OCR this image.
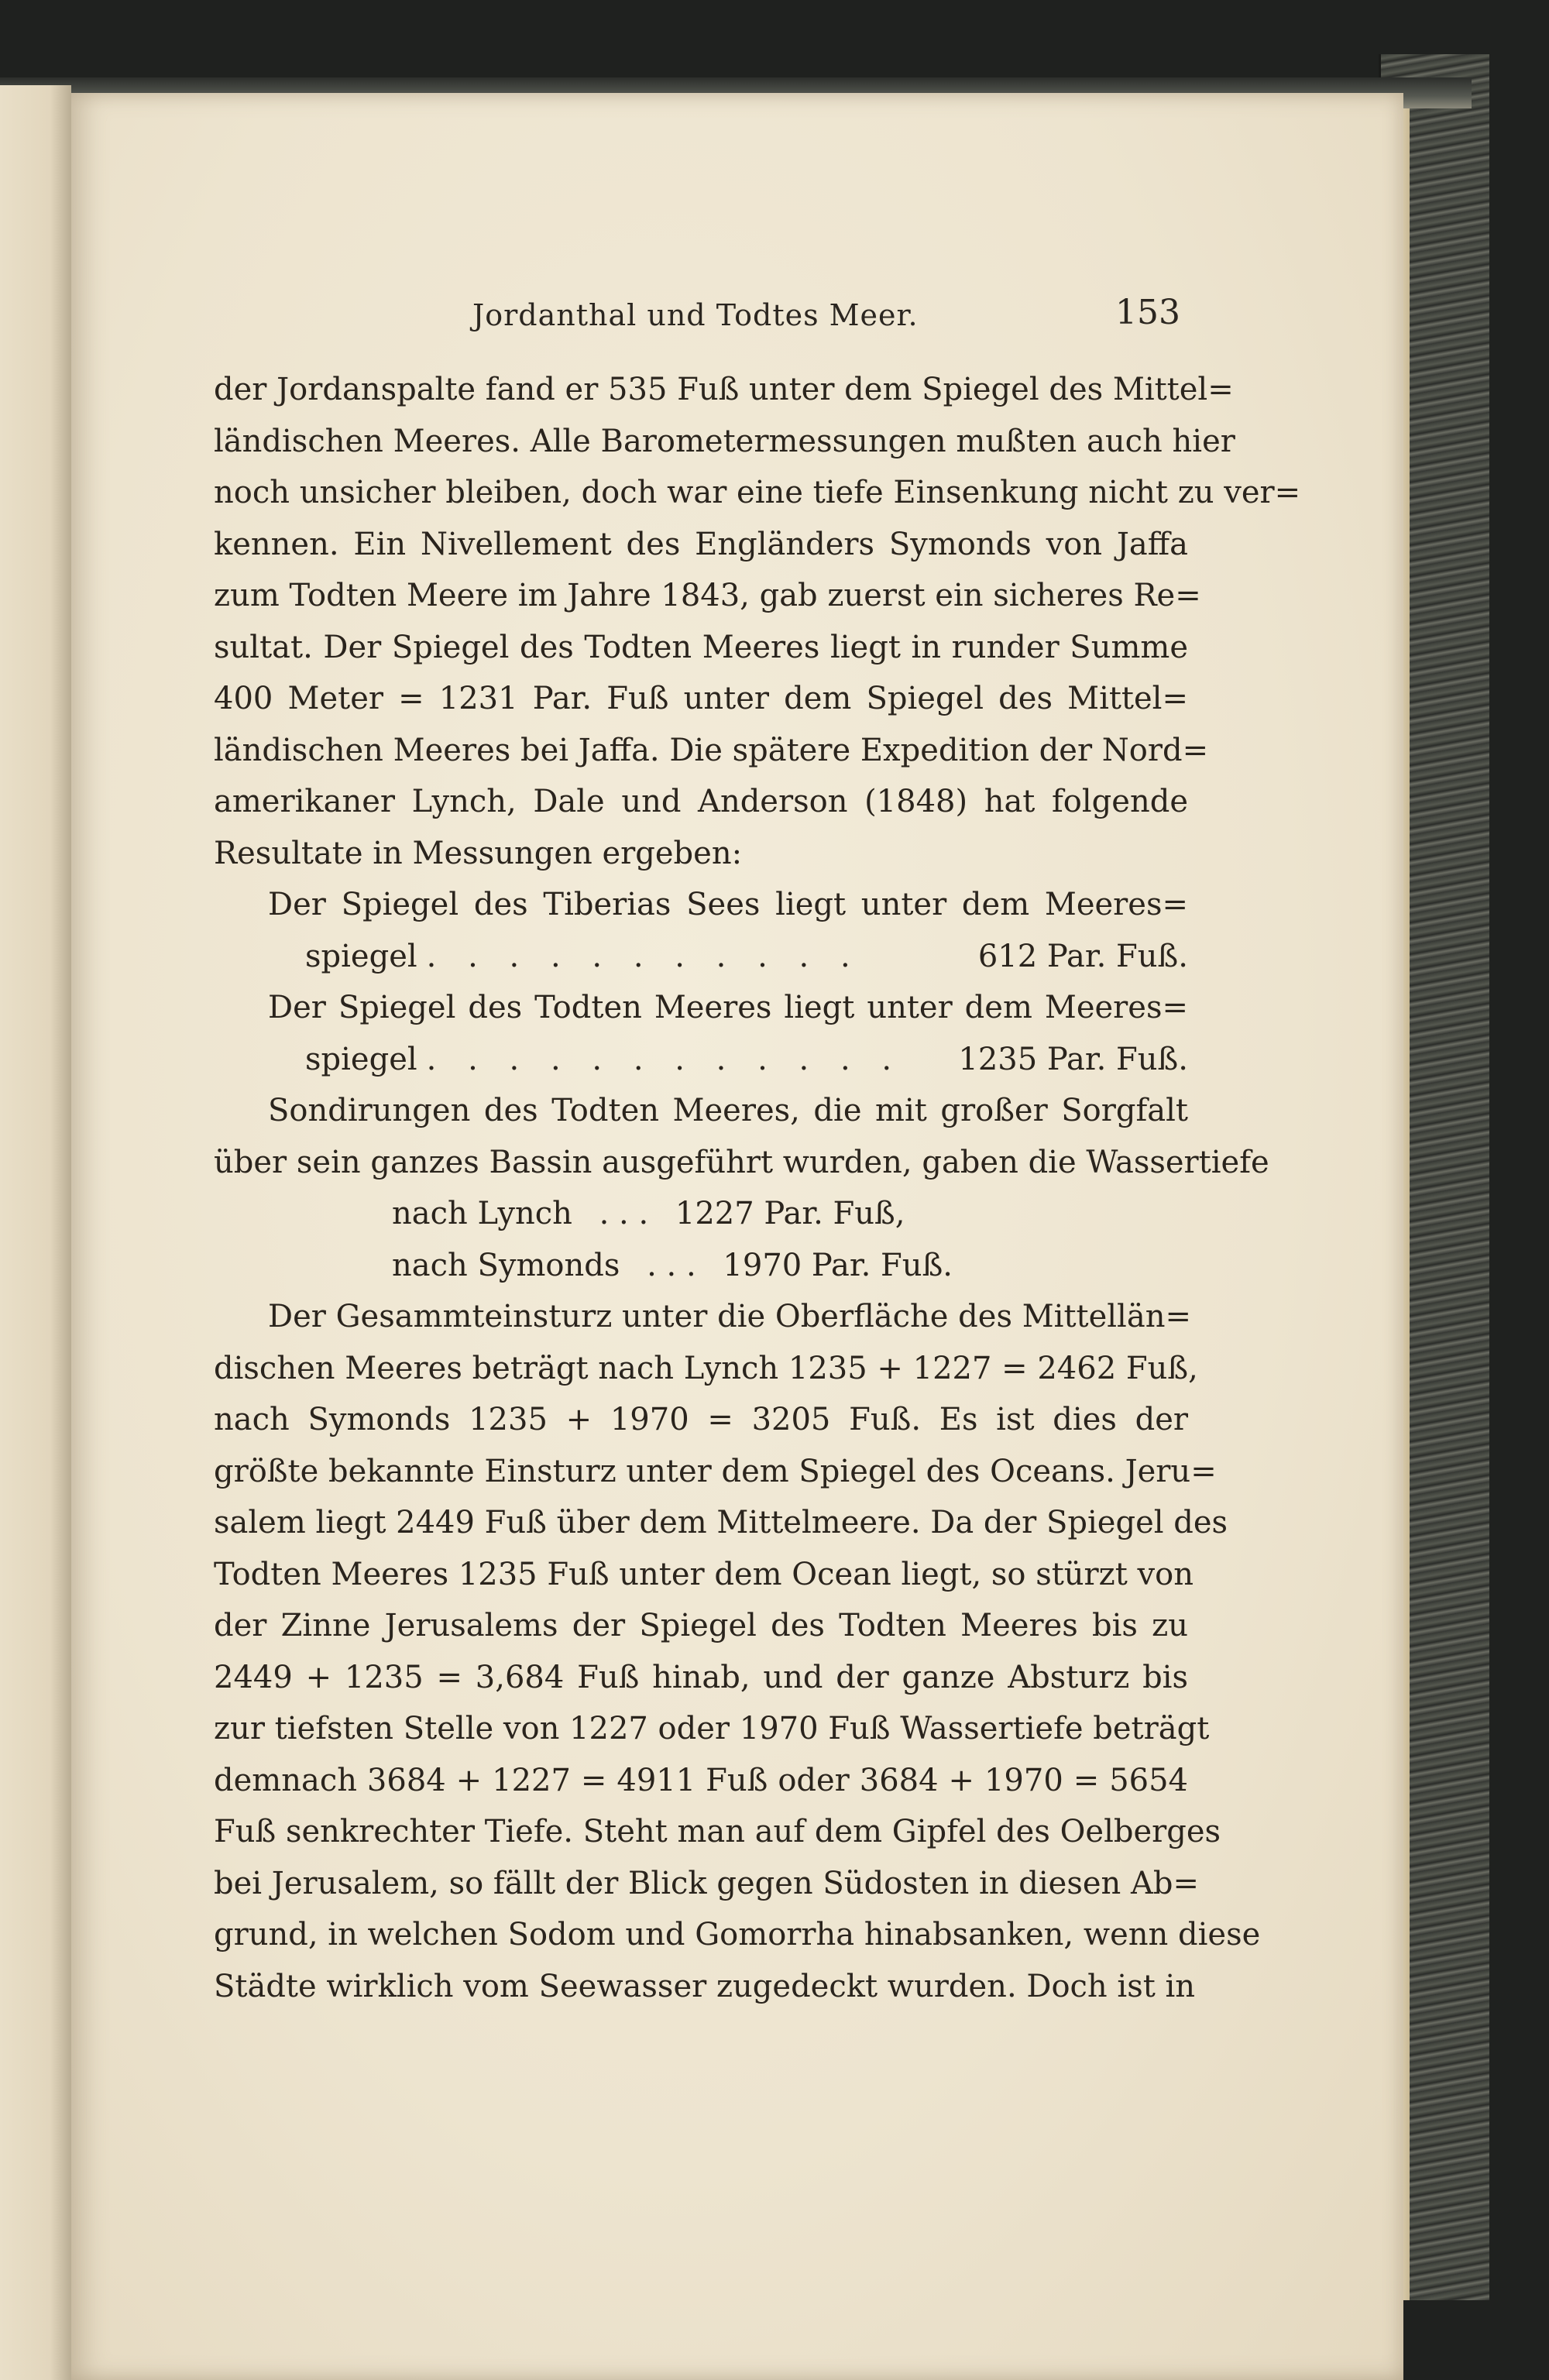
Jordanthal und Todtes Meer.	153
der Jordanspalte fand er 535 Fuß unter dem Spiegel des Mittel=
ländischen Meeres. Alle Barometermessungen mußten auch hier
noch unsicher bleiben, doch war eine tiefe Einsenkung nicht zu ver=
kennen. Ein Nivellement des Engländers Symonds von Jaffa
zum Todten Meere im Jahre 1843, gab zuerst ein sicheres Re=
sultat. Der Spiegel des Todten Meeres liegt in runder Summe
400 Meter = 1231 Par. Fuß unter dem Spiegel des Mittel=
ländischen Meeres bei Jaffa. Die spätere Expedition der Nord=
amerikaner Lynch, Dale und Anderson (1848) hat folgende
Resultate in Messungen ergeben:
Der Spiegel des Tiberias Sees liegt unter dem Meeres=
spiegel . . . . . . . . . . .	612 Par. Fuß.
Der Spiegel des Todten Meeres liegt unter dem Meeres=
spiegel . . . . . . . . . . . .	1235 Par. Fuß.
Sondirungen des Todten Meeres, die mit großer Sorgfalt
über sein ganzes Bassin ausgeführt wurden, gaben die Wassertiefe
nach Lynch . . . 1227 Par. Fuß,
nach Symonds . . . 1970 Par. Fuß.
Der Gesammteinsturz unter die Oberfläche des Mittellän=
dischen Meeres beträgt nach Lynch 1235 + 1227 = 2462 Fuß,
nach Symonds 1235 + 1970 = 3205 Fuß. Es ist dies der
größte bekannte Einsturz unter dem Spiegel des Oceans. Jeru=
salem liegt 2449 Fuß über dem Mittelmeere. Da der Spiegel des
Todten Meeres 1235 Fuß unter dem Ocean liegt, so stürzt von
der Zinne Jerusalems der Spiegel des Todten Meeres bis zu
2449 + 1235 = 3,684 Fuß hinab, und der ganze Absturz bis
zur tiefsten Stelle von 1227 oder 1970 Fuß Wassertiefe beträgt
demnach 3684 + 1227 = 4911 Fuß oder 3684 + 1970 = 5654
Fuß senkrechter Tiefe. Steht man auf dem Gipfel des Oelberges
bei Jerusalem, so fällt der Blick gegen Südosten in diesen Ab=
grund, in welchen Sodom und Gomorrha hinabsanken, wenn diese
Städte wirklich vom Seewasser zugedeckt wurden. Doch ist in
